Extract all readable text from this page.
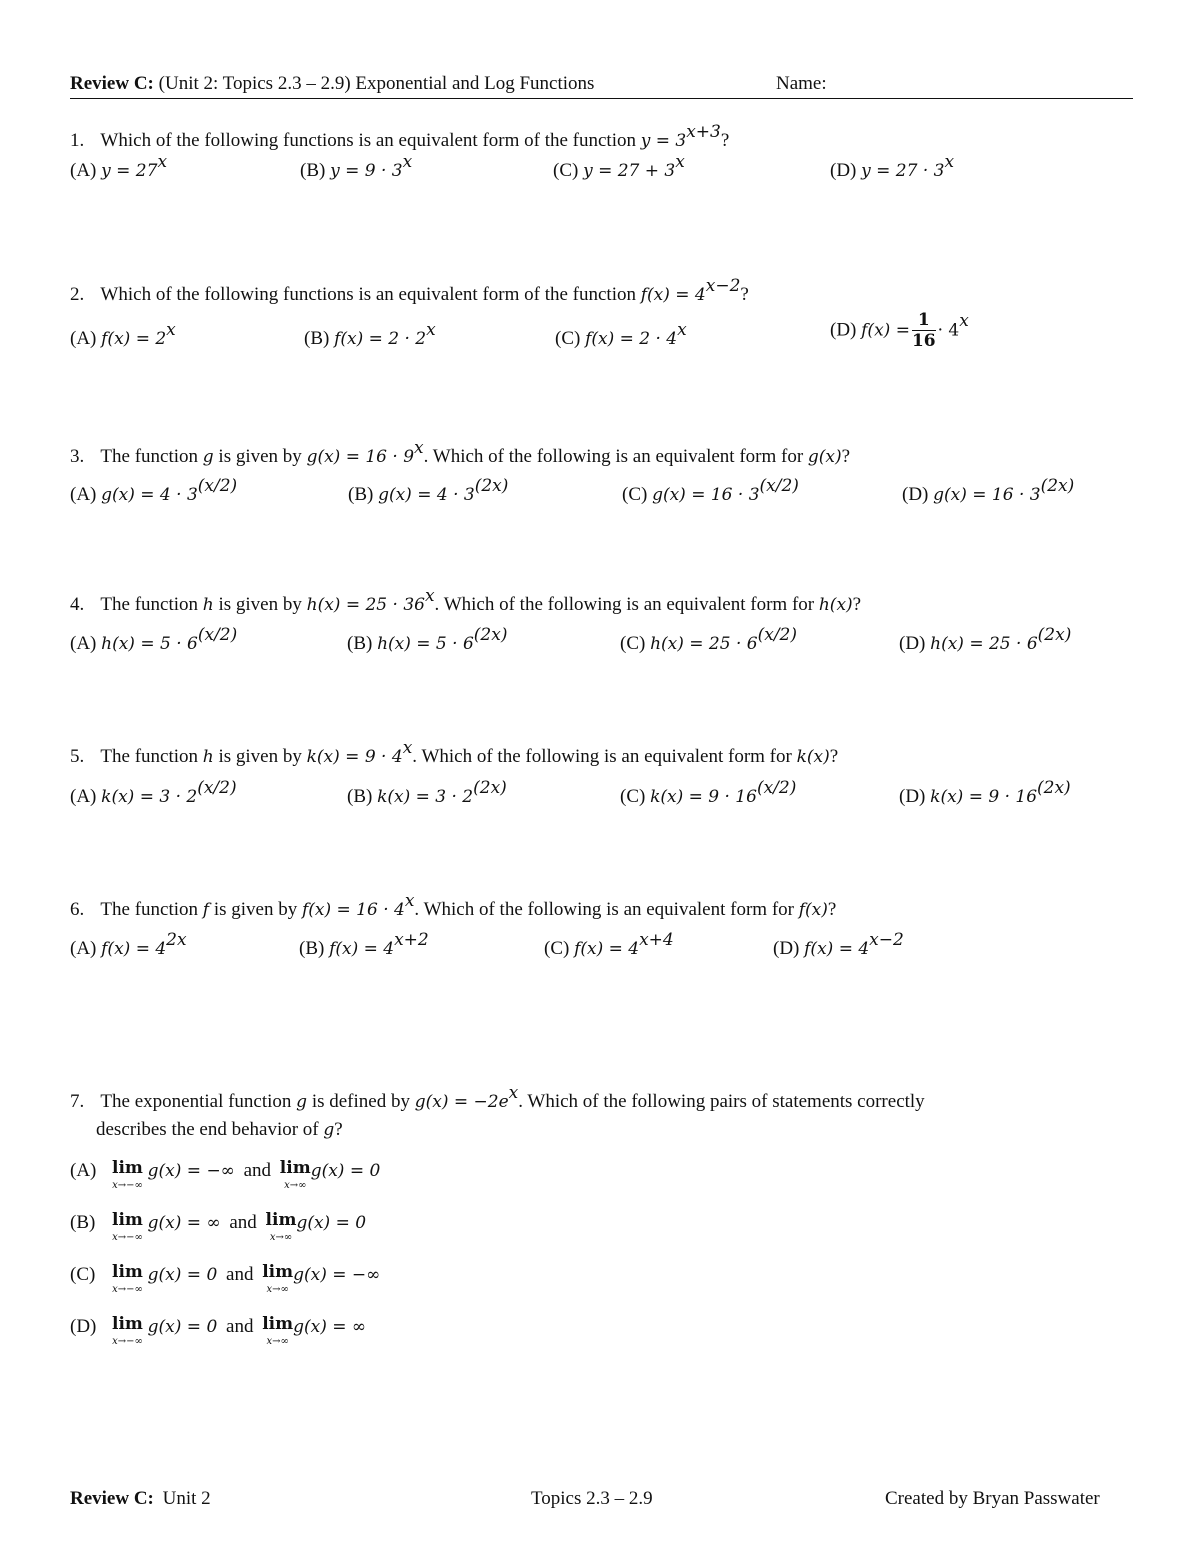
Review C: (Unit 2: Topics 2.3 – 2.9) Exponential and Log Functions	Name:
1. Which of the following functions is an equivalent form of the function $y = 3^{x+3}$?
(A) $y = 27^x$	(B) $y = 9 \cdot 3^x$	(C) $y = 27 + 3^x$	(D) $y = 27 \cdot 3^x$
2. Which of the following functions is an equivalent form of the function $f(x) = 4^{x-2}$?
(A) $f(x) = 2^x$	(B) $f(x) = 2 \cdot 2^x$	(C) $f(x) = 2 \cdot 4^x$	(D) $f(x) = \frac{1}{16} \cdot 4^x$
3. The function g is given by $g(x) = 16 \cdot 9^x$. Which of the following is an equivalent form for g(x)?
(A) $g(x) = 4 \cdot 3^{(x/2)}$	(B) $g(x) = 4 \cdot 3^{(2x)}$	(C) $g(x) = 16 \cdot 3^{(x/2)}$	(D) $g(x) = 16 \cdot 3^{(2x)}$
4. The function h is given by $h(x) = 25 \cdot 36^x$. Which of the following is an equivalent form for h(x)?
(A) $h(x) = 5 \cdot 6^{(x/2)}$	(B) $h(x) = 5 \cdot 6^{(2x)}$	(C) $h(x) = 25 \cdot 6^{(x/2)}$	(D) $h(x) = 25 \cdot 6^{(2x)}$
5. The function h is given by $k(x) = 9 \cdot 4^x$. Which of the following is an equivalent form for k(x)?
(A) $k(x) = 3 \cdot 2^{(x/2)}$	(B) $k(x) = 3 \cdot 2^{(2x)}$	(C) $k(x) = 9 \cdot 16^{(x/2)}$	(D) $k(x) = 9 \cdot 16^{(2x)}$
6. The function f is given by $f(x) = 16 \cdot 4^x$. Which of the following is an equivalent form for f(x)?
(A) $f(x) = 4^{2x}$	(B) $f(x) = 4^{x+2}$	(C) $f(x) = 4^{x+4}$	(D) $f(x) = 4^{x-2}$
7. The exponential function g is defined by $g(x) = -2e^x$. Which of the following pairs of statements correctly
describes the end behavior of g?
(A) lim
x→−∞
g(x) = −∞ and lim
x→∞
g(x) = 0
(B) lim
x→−∞
g(x) = ∞ and lim
x→∞
g(x) = 0
(C) lim
x→−∞
g(x) = 0 and lim
x→∞
g(x) = −∞
(D) lim
x→−∞
g(x) = 0 and lim
x→∞
g(x) = ∞
Review C: Unit 2	Topics 2.3 – 2.9	Created by Bryan Passwater
